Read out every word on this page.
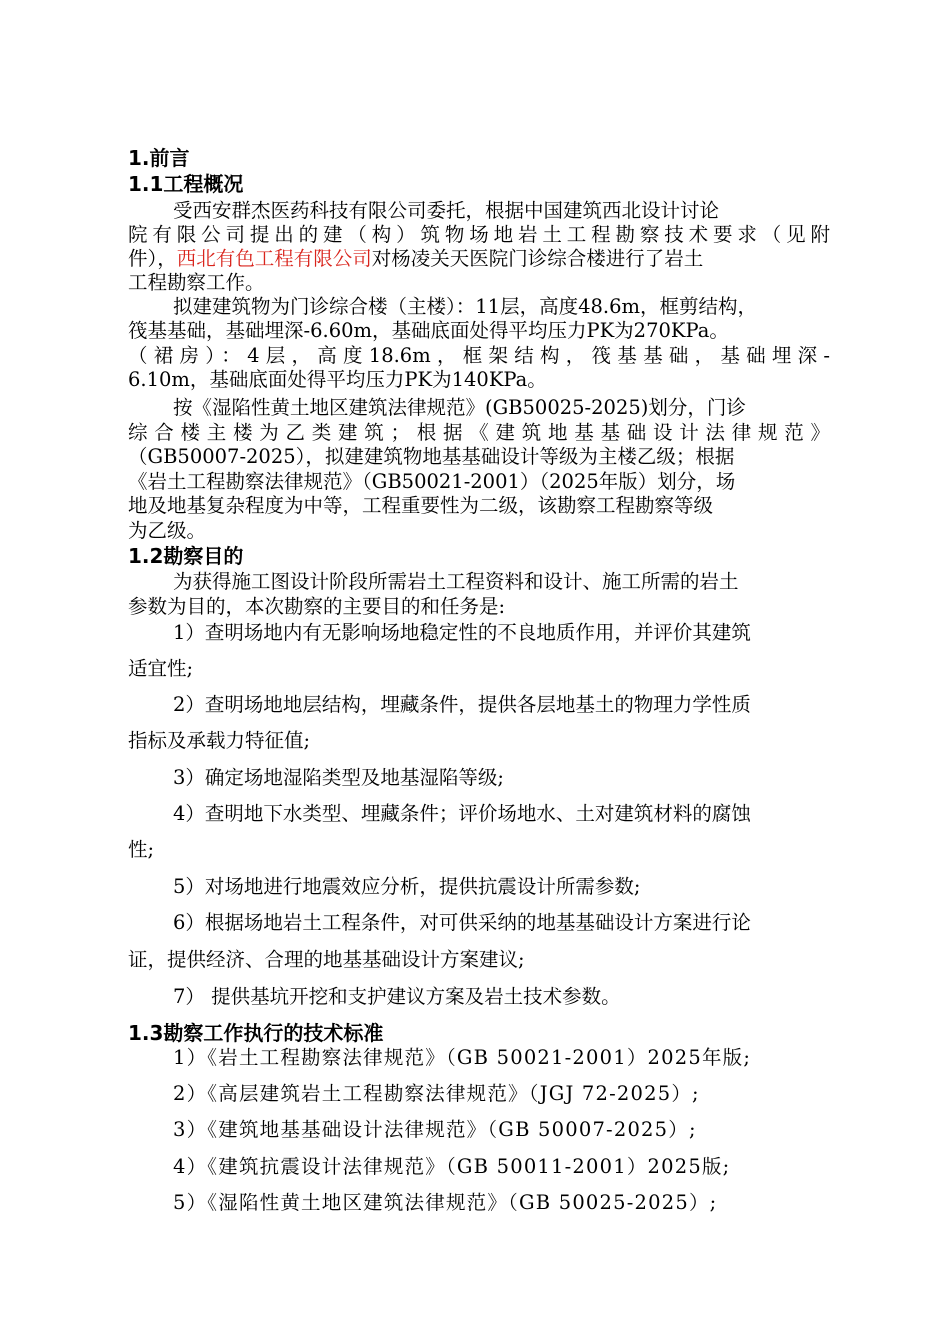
1.前言
1.1工程概况
受西安群杰医药科技有限公司委托，根据中国建筑西北设计讨论
院有限公司提出的建（构）筑物场地岩土工程勘察技术要求（见附
件），西北有色工程有限公司对杨凌关天医院门诊综合楼进行了岩土
工程勘察工作。
拟建建筑物为门诊综合楼（主楼）：11层，高度48.6m，框剪结构，
筏基基础，基础埋深-6.60m，基础底面处得平均压力PK为270KPa。
（裙房）：4层，高度18.6m，框架结构，筏基基础，基础埋深-
6.10m，基础底面处得平均压力PK为140KPa。
按《湿陷性黄土地区建筑法律规范》(GB50025-2025)划分，门诊
综合楼主楼为乙类建筑；根据《建筑地基基础设计法律规范》
（GB50007-2025），拟建建筑物地基基础设计等级为主楼乙级；根据
《岩土工程勘察法律规范》（GB50021-2001）（2025年版）划分，场
地及地基复杂程度为中等，工程重要性为二级，该勘察工程勘察等级
为乙级。
1.2勘察目的
为获得施工图设计阶段所需岩土工程资料和设计、施工所需的岩土
参数为目的，本次勘察的主要目的和任务是:
1）查明场地内有无影响场地稳定性的不良地质作用，并评价其建筑
适宜性;
2）查明场地地层结构，埋藏条件，提供各层地基土的物理力学性质
指标及承载力特征值;
3）确定场地湿陷类型及地基湿陷等级;
4）查明地下水类型、埋藏条件；评价场地水、土对建筑材料的腐蚀
性;
5）对场地进行地震效应分析，提供抗震设计所需参数;
6）根据场地岩土工程条件，对可供采纳的地基基础设计方案进行论
证，提供经济、合理的地基基础设计方案建议;
7） 提供基坑开挖和支护建议方案及岩土技术参数。
1.3勘察工作执行的技术标准
1）《岩土工程勘察法律规范》（GB 50021-2001）2025年版;
2）《高层建筑岩土工程勘察法律规范》（JGJ 72-2025）;
3）《建筑地基基础设计法律规范》（GB 50007-2025）;
4）《建筑抗震设计法律规范》（GB 50011-2001）2025版;
5）《湿陷性黄土地区建筑法律规范》（GB 50025-2025）;
